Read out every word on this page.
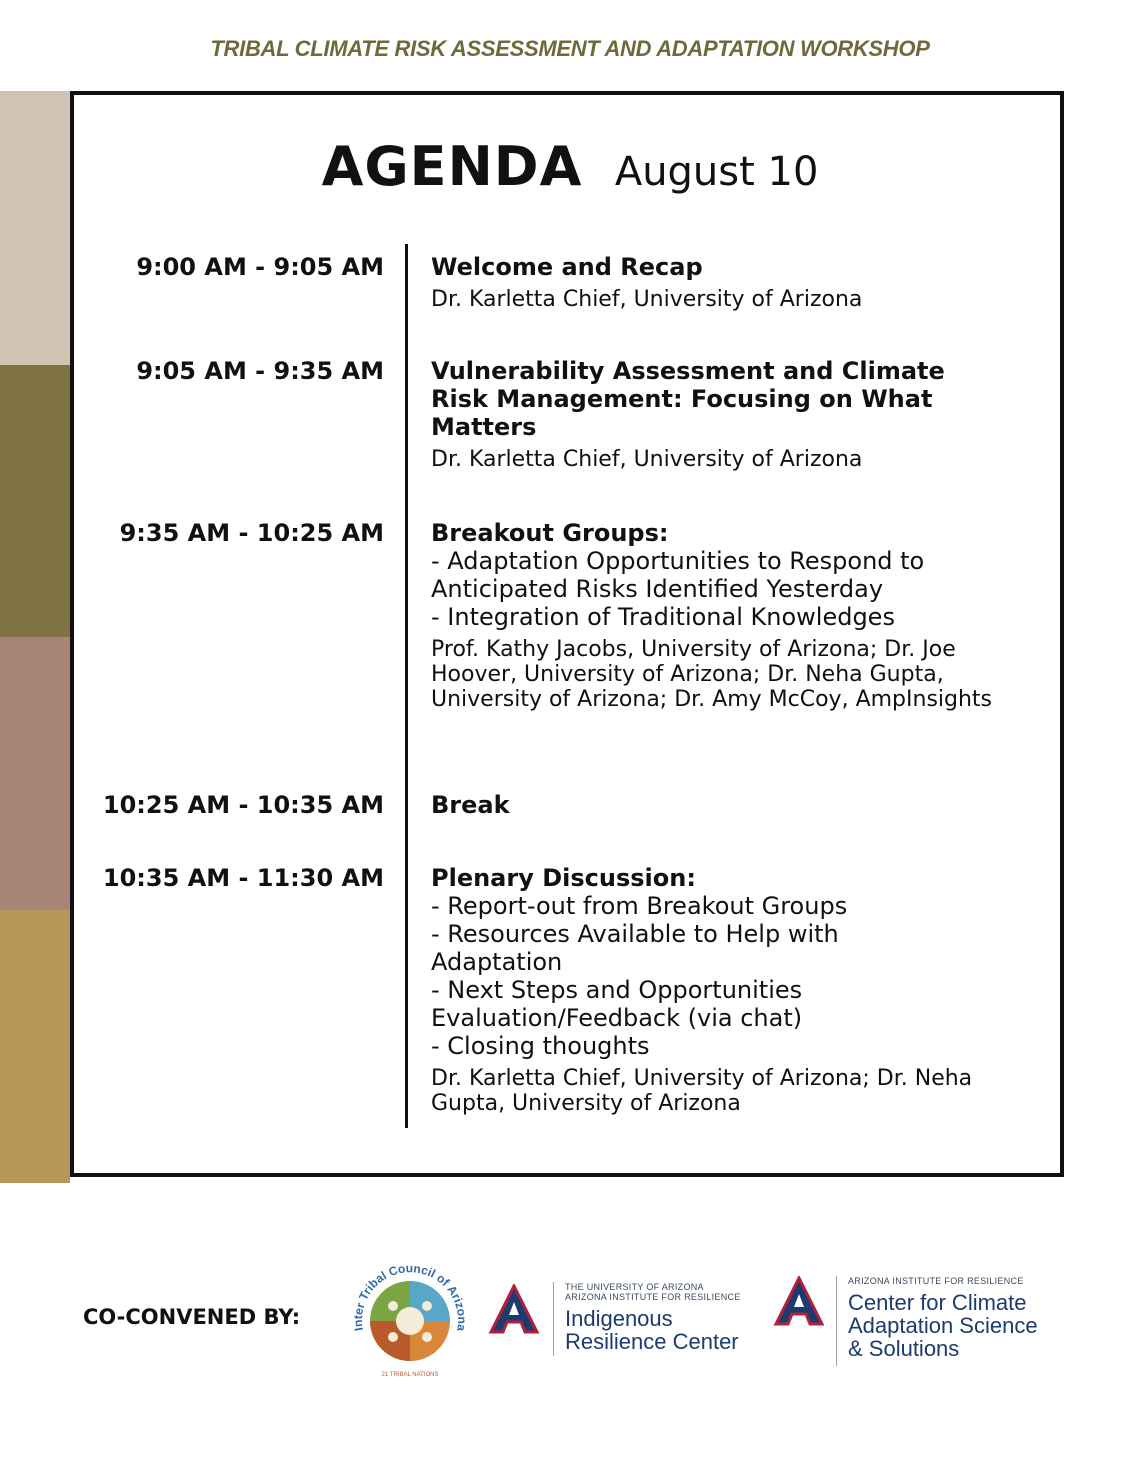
TRIBAL CLIMATE RISK ASSESSMENT AND ADAPTATION WORKSHOP
AGENDA August 10
9:00 AM - 9:05 AM Welcome and Recap
Dr. Karletta Chief, University of Arizona
9:05 AM - 9:35 AM Vulnerability Assessment and Climate Risk Management: Focusing on What Matters
Dr. Karletta Chief, University of Arizona
9:35 AM - 10:25 AM Breakout Groups:
- Adaptation Opportunities to Respond to Anticipated Risks Identified Yesterday
- Integration of Traditional Knowledges
Prof. Kathy Jacobs, University of Arizona; Dr. Joe Hoover, University of Arizona; Dr. Neha Gupta, University of Arizona; Dr. Amy McCoy, AmpInsights
10:25 AM - 10:35 AM Break
10:35 AM - 11:30 AM Plenary Discussion:
- Report-out from Breakout Groups
- Resources Available to Help with Adaptation
- Next Steps and Opportunities Evaluation/Feedback (via chat)
- Closing thoughts
Dr. Karletta Chief, University of Arizona; Dr. Neha Gupta, University of Arizona
CO-CONVENED BY:
Inter Tribal Council of Arizona
21 TRIBAL NATIONS
THE UNIVERSITY OF ARIZONA
ARIZONA INSTITUTE FOR RESILIENCE
Indigenous
Resilience Center
ARIZONA INSTITUTE FOR RESILIENCE
Center for Climate
Adaptation Science
& Solutions
